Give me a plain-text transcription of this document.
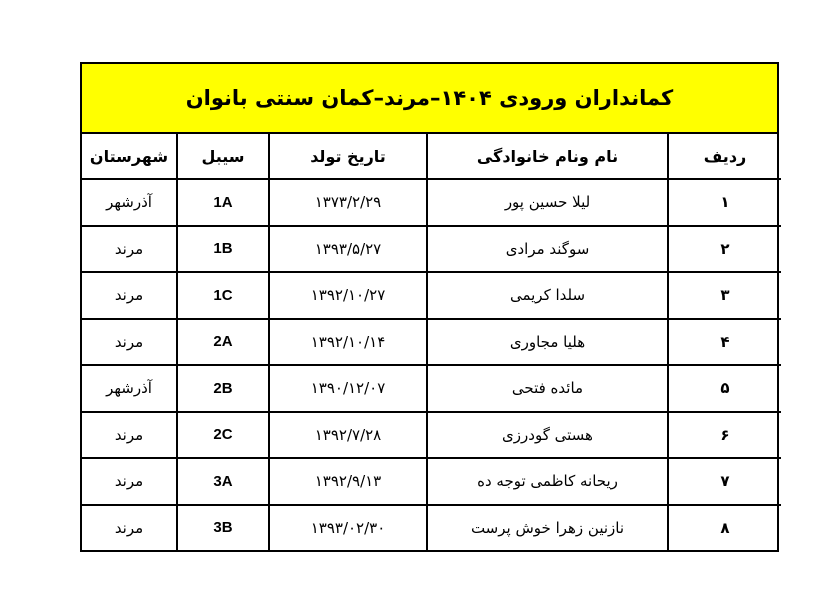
کمانداران ورودی ۱۴۰۴–مرند–کمان سنتی بانوان
ردیف	نام ونام خانوادگی	تاریخ تولد	سیبل	شهرستان
۱	لیلا حسین پور	۱۳۷۳/۲/۲۹	1A	آذرشهر
۲	سوگند مرادی	۱۳۹۳/۵/۲۷	1B	مرند
۳	سلدا کریمی	۱۳۹۲/۱۰/۲۷	1C	مرند
۴	هلیا مجاوری	۱۳۹۲/۱۰/۱۴	2A	مرند
۵	مائده فتحی	۱۳۹۰/۱۲/۰۷	2B	آذرشهر
۶	هستی گودرزی	۱۳۹۲/۷/۲۸	2C	مرند
۷	ریحانه کاظمی توجه ده	۱۳۹۲/۹/۱۳	3A	مرند
۸	نازنین زهرا خوش پرست	۱۳۹۳/۰۲/۳۰	3B	مرند
